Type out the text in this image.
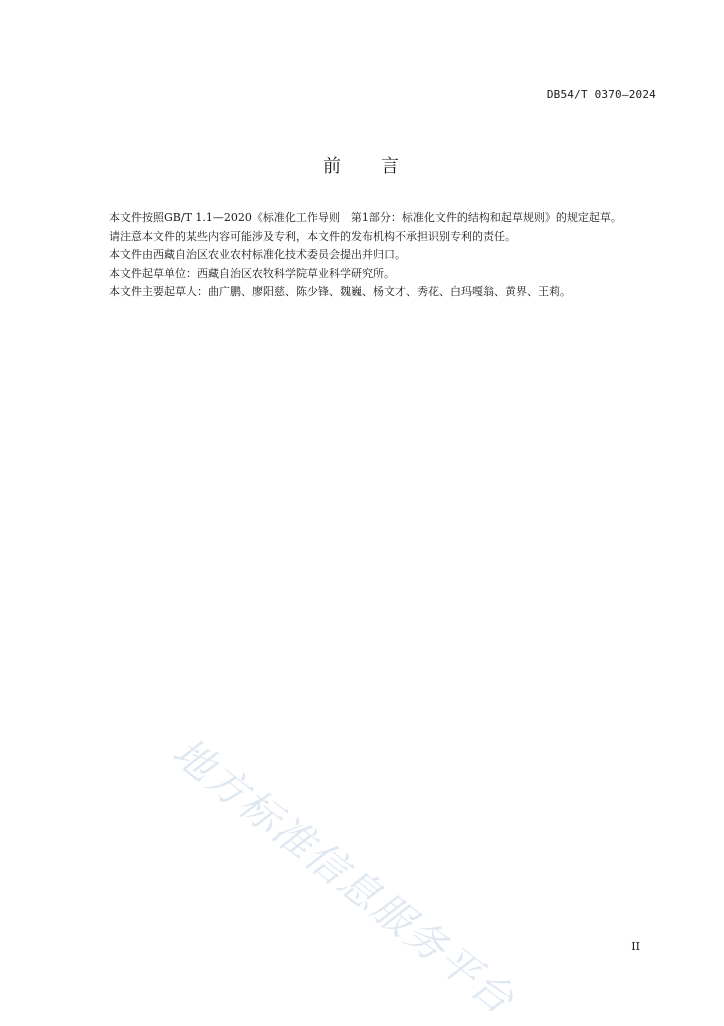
DB54/T 0370—2024
前 言

本文件按照GB/T 1.1—2020《标准化工作导则　第1部分：标准化文件的结构和起草规则》的规定起草。

请注意本文件的某些内容可能涉及专利，本文件的发布机构不承担识别专利的责任。

本文件由西藏自治区农业农村标准化技术委员会提出并归口。

本文件起草单位：西藏自治区农牧科学院草业科学研究所。

本文件主要起草人：曲广鹏、廖阳慈、陈少锋、魏巍、杨文才、秀花、白玛嘎翁、黄界、王莉。

地方标准信息服务平台	II
